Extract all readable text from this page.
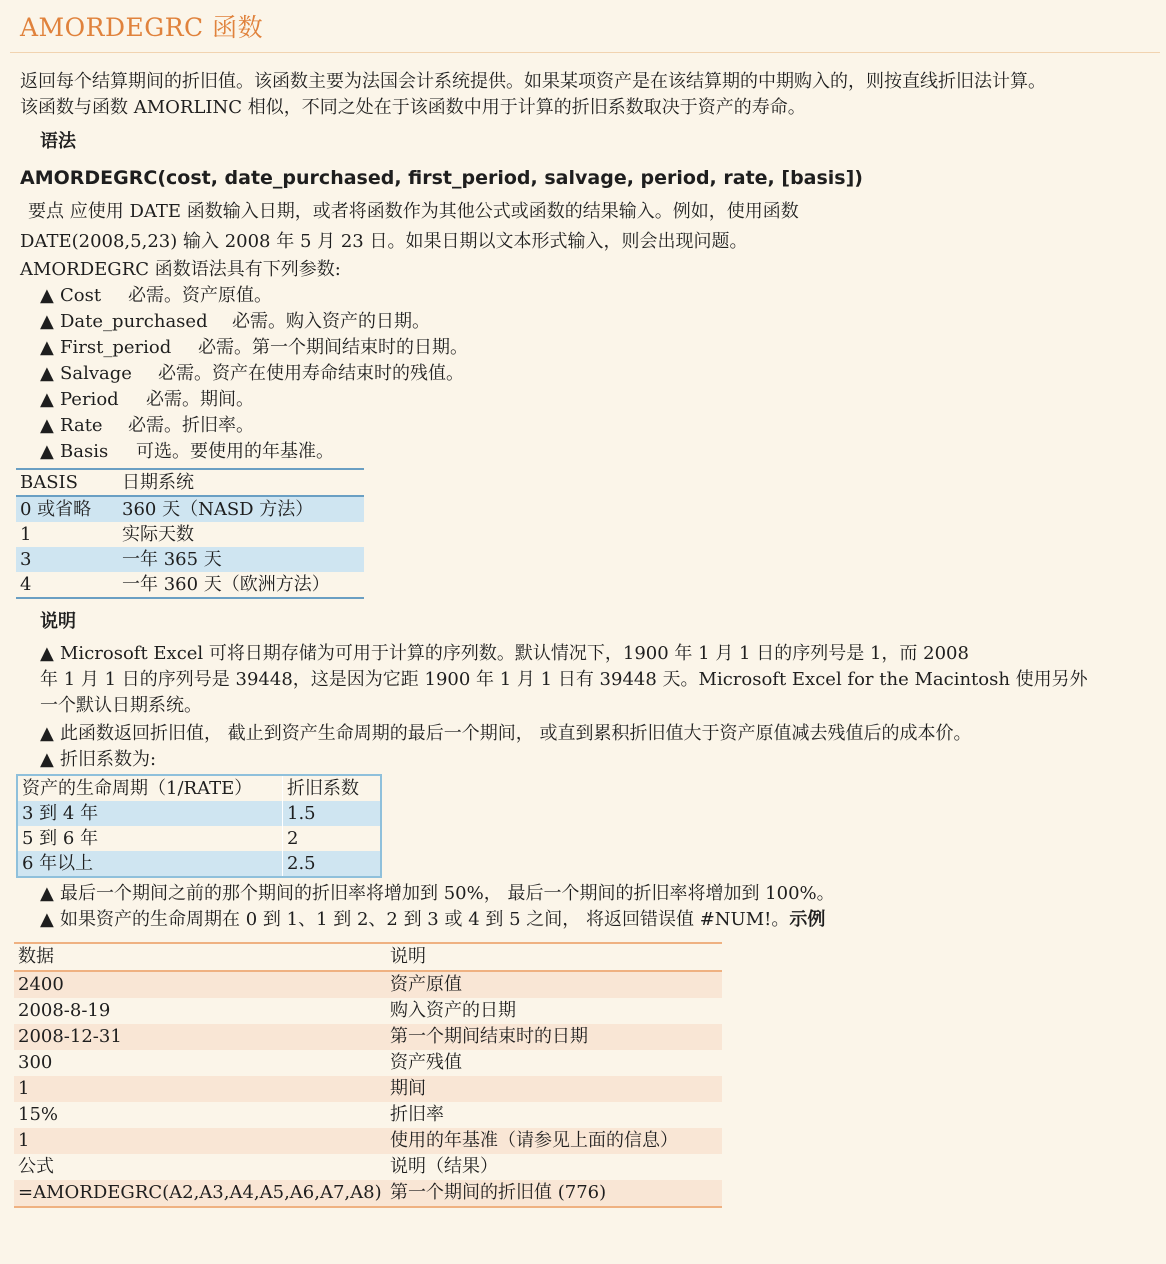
AMORDEGRC 函数
返回每个结算期间的折旧值。该函数主要为法国会计系统提供。如果某项资产是在该结算期的中期购入的，则按直线折旧法计算。
该函数与函数 AMORLINC 相似，不同之处在于该函数中用于计算的折旧系数取决于资产的寿命。
语法
AMORDEGRC(cost, date_purchased, first_period, salvage, period, rate, [basis])
要点 应使用 DATE 函数输入日期，或者将函数作为其他公式或函数的结果输入。例如，使用函数
DATE(2008,5,23) 输入 2008 年 5 月 23 日。如果日期以文本形式输入，则会出现问题。
AMORDEGRC 函数语法具有下列参数:
▲ Cost 必需。资产原值。
▲ Date_purchased 必需。购入资产的日期。
▲ First_period 必需。第一个期间结束时的日期。
▲ Salvage 必需。资产在使用寿命结束时的残值。
▲ Period 必需。期间。
▲ Rate 必需。折旧率。
▲ Basis 可选。要使用的年基准。
BASIS	日期系统
0 或省略	360 天（NASD 方法）
1	实际天数
3	一年 365 天
4	一年 360 天（欧洲方法）
说明
▲ Microsoft Excel 可将日期存储为可用于计算的序列数。默认情况下，1900 年 1 月 1 日的序列号是 1，而 2008
年 1 月 1 日的序列号是 39448，这是因为它距 1900 年 1 月 1 日有 39448 天。Microsoft Excel for the Macintosh 使用另外
一个默认日期系统。
▲ 此函数返回折旧值， 截止到资产生命周期的最后一个期间， 或直到累积折旧值大于资产原值减去残值后的成本价。
▲ 折旧系数为:
资产的生命周期（1/RATE）	折旧系数
3 到 4 年	1.5
5 到 6 年	2
6 年以上	2.5
▲ 最后一个期间之前的那个期间的折旧率将增加到 50%， 最后一个期间的折旧率将增加到 100%。
▲ 如果资产的生命周期在 0 到 1、1 到 2、2 到 3 或 4 到 5 之间， 将返回错误值 #NUM!。示例
数据	说明
2400	资产原值
2008-8-19	购入资产的日期
2008-12-31	第一个期间结束时的日期
300	资产残值
1	期间
15%	折旧率
1	使用的年基准（请参见上面的信息）
公式	说明（结果）
=AMORDEGRC(A2,A3,A4,A5,A6,A7,A8)	第一个期间的折旧值 (776)
